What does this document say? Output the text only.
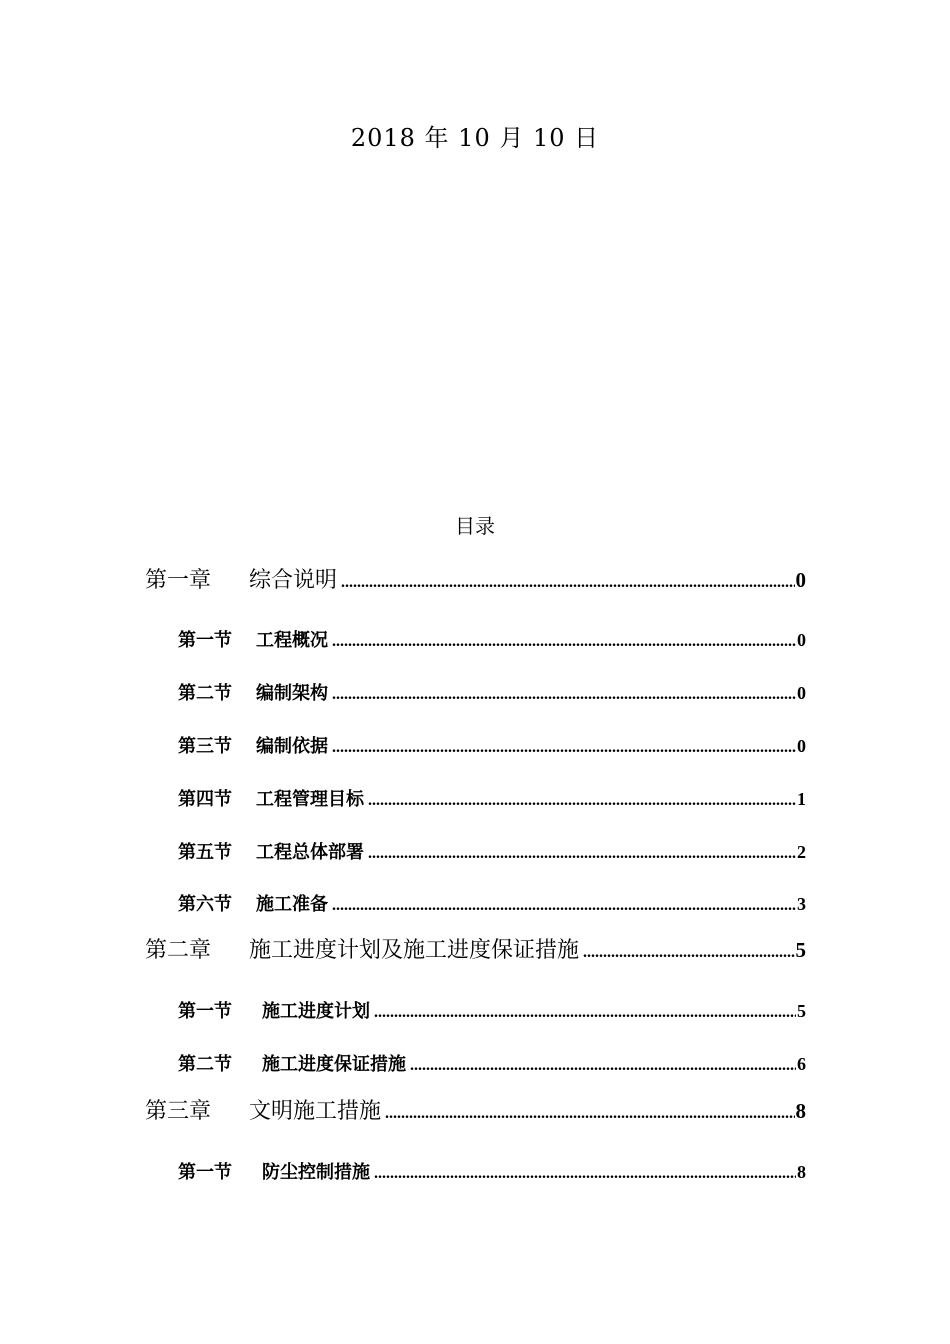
2018 年 10 月 10 日
目录
第一章	综合说明 .....	0
第一节	工程概况 .....	0
第二节	编制架构 .....	0
第三节	编制依据 .....	0
第四节	工程管理目标 .....	1
第五节	工程总体部署 .....	2
第六节	施工准备 .....	3
第二章	施工进度计划及施工进度保证措施 .....	5
第一节	施工进度计划 .....	5
第二节	施工进度保证措施 .....	6
第三章	文明施工措施 .....	8
第一节	防尘控制措施 .....	8
